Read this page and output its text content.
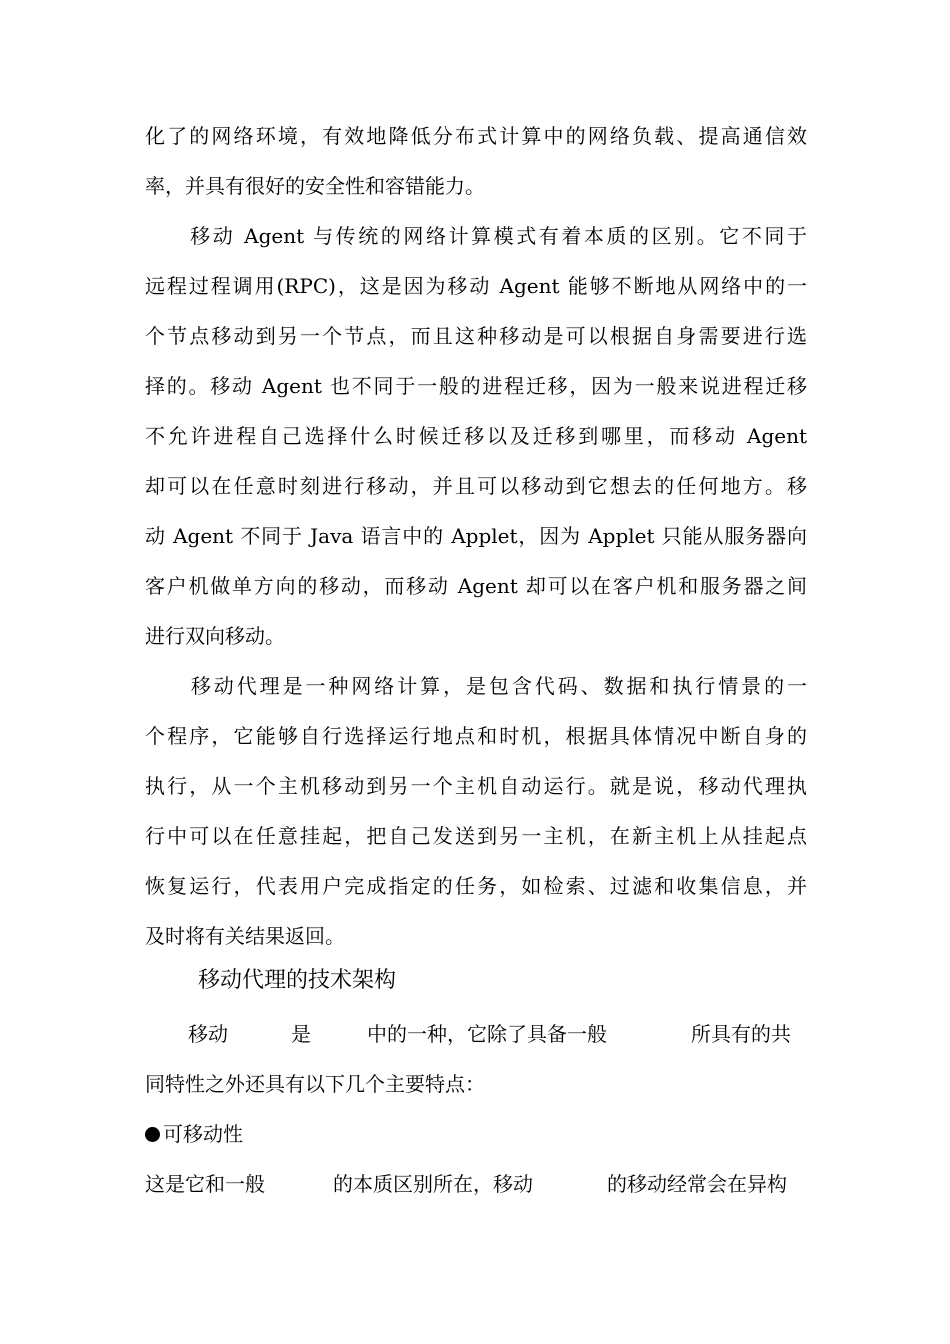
化了的网络环境，有效地降低分布式计算中的网络负载、提高通信效
率，并具有很好的安全性和容错能力。
　　移动 Agent 与传统的网络计算模式有着本质的区别。它不同于
远程过程调用(RPC)，这是因为移动 Agent 能够不断地从网络中的一
个节点移动到另一个节点，而且这种移动是可以根据自身需要进行选
择的。移动 Agent 也不同于一般的进程迁移，因为一般来说进程迁移
不允许进程自己选择什么时候迁移以及迁移到哪里，而移动 Agent
却可以在任意时刻进行移动，并且可以移动到它想去的任何地方。移
动 Agent 不同于 Java 语言中的 Applet，因为 Applet 只能从服务器向
客户机做单方向的移动，而移动 Agent 却可以在客户机和服务器之间
进行双向移动。
　　移动代理是一种网络计算，是包含代码、数据和执行情景的一
个程序，它能够自行选择运行地点和时机，根据具体情况中断自身的
执行，从一个主机移动到另一个主机自动运行。就是说，移动代理执
行中可以在任意挂起，把自己发送到另一主机，在新主机上从挂起点
恢复运行，代表用户完成指定的任务，如检索、过滤和收集信息，并
及时将有关结果返回。
移动代理的技术架构
移动	是	中的一种，它除了具备一般	所具有的共
同特性之外还具有以下几个主要特点：
可移动性
这是它和一般	的本质区别所在，移动	的移动经常会在异构
